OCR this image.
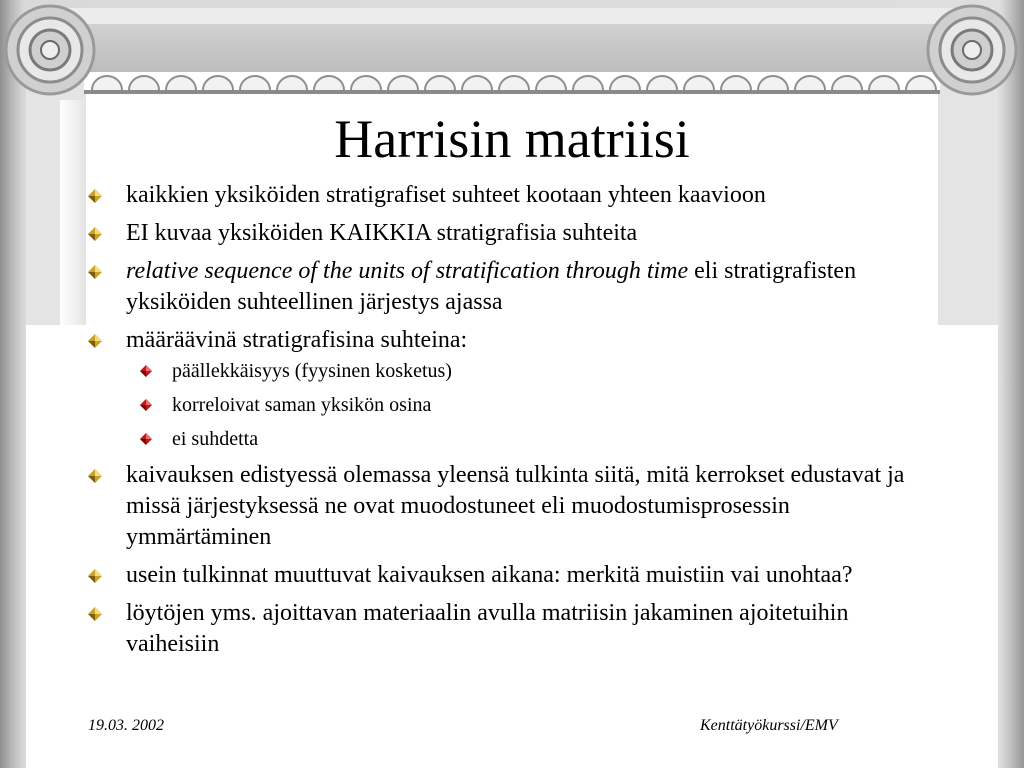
Harrisin matriisi
kaikkien yksiköiden stratigrafiset suhteet kootaan yhteen kaavioon
EI kuvaa yksiköiden KAIKKIA stratigrafisia suhteita
relative sequence of the units of stratification through time eli stratigrafisten yksiköiden suhteellinen järjestys ajassa
määräävinä stratigrafisina suhteina:
päällekkäisyys (fyysinen kosketus)
korreloivat saman yksikön osina
ei suhdetta
kaivauksen edistyessä olemassa yleensä tulkinta siitä, mitä kerrokset edustavat ja missä järjestyksessä ne ovat muodostuneet eli muodostumisprosessin ymmärtäminen
usein tulkinnat muuttuvat kaivauksen aikana: merkitä muistiin vai unohtaa?
löytöjen yms. ajoittavan materiaalin avulla matriisin jakaminen ajoitetuihin vaiheisiin
19.03. 2002	Kenttätyökurssi/EMV
